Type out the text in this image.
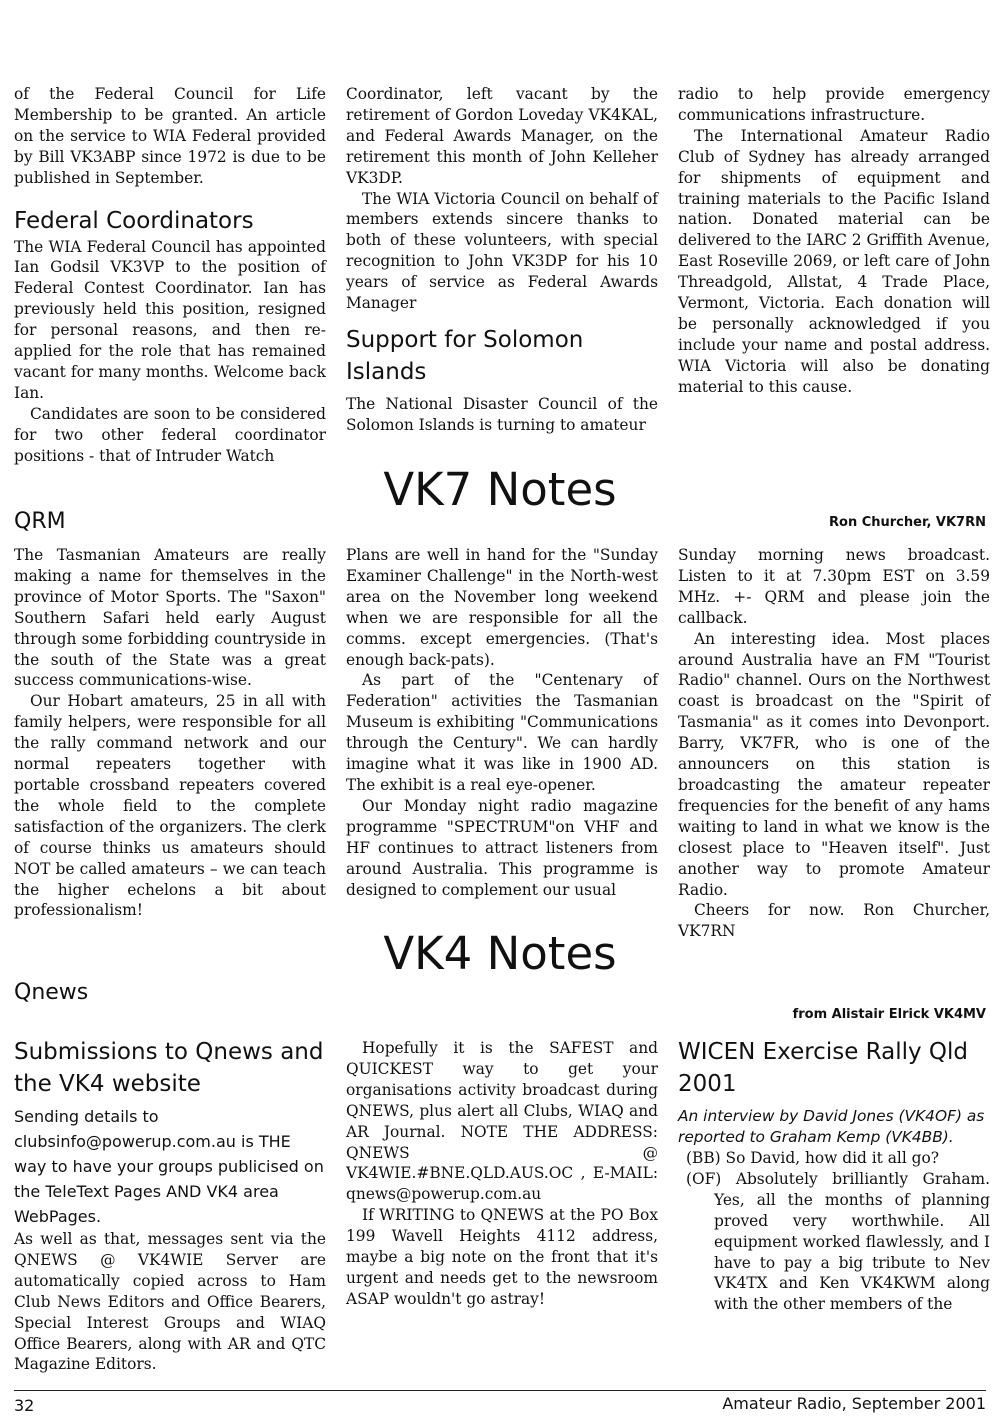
of the Federal Council for Life Membership to be granted. An article on the service to WIA Federal provided by Bill VK3ABP since 1972 is due to be published in September.

Federal Coordinators

The WIA Federal Council has appointed Ian Godsil VK3VP to the position of Federal Contest Coordinator. Ian has previously held this position, resigned for personal reasons, and then re-applied for the role that has remained vacant for many months. Welcome back Ian.

Candidates are soon to be considered for two other federal coordinator positions - that of Intruder Watch

Coordinator, left vacant by the retirement of Gordon Loveday VK4KAL, and Federal Awards Manager, on the retirement this month of John Kelleher VK3DP.

The WIA Victoria Council on behalf of members extends sincere thanks to both of these volunteers, with special recognition to John VK3DP for his 10 years of service as Federal Awards Manager

Support for Solomon Islands

The National Disaster Council of the Solomon Islands is turning to amateur

radio to help provide emergency communications infrastructure.

The International Amateur Radio Club of Sydney has already arranged for shipments of equipment and training materials to the Pacific Island nation. Donated material can be delivered to the IARC 2 Griffith Avenue, East Roseville 2069, or left care of John Threadgold, Allstat, 4 Trade Place, Vermont, Victoria. Each donation will be personally acknowledged if you include your name and postal address. WIA Victoria will also be donating material to this cause.

VK7 Notes
QRM	Ron Churcher, VK7RN

The Tasmanian Amateurs are really making a name for themselves in the province of Motor Sports. The "Saxon" Southern Safari held early August through some forbidding countryside in the south of the State was a great success communications-wise.

Our Hobart amateurs, 25 in all with family helpers, were responsible for all the rally command network and our normal repeaters together with portable crossband repeaters covered the whole field to the complete satisfaction of the organizers. The clerk of course thinks us amateurs should NOT be called amateurs – we can teach the higher echelons a bit about professionalism!

Plans are well in hand for the "Sunday Examiner Challenge" in the North-west area on the November long weekend when we are responsible for all the comms. except emergencies. (That's enough back-pats).

As part of the "Centenary of Federation" activities the Tasmanian Museum is exhibiting "Communications through the Century". We can hardly imagine what it was like in 1900 AD. The exhibit is a real eye-opener.

Our Monday night radio magazine programme "SPECTRUM"on VHF and HF continues to attract listeners from around Australia. This programme is designed to complement our usual

Sunday morning news broadcast. Listen to it at 7.30pm EST on 3.59 MHz. +- QRM and please join the callback.

An interesting idea. Most places around Australia have an FM "Tourist Radio" channel. Ours on the Northwest coast is broadcast on the "Spirit of Tasmania" as it comes into Devonport. Barry, VK7FR, who is one of the announcers on this station is broadcasting the amateur repeater frequencies for the benefit of any hams waiting to land in what we know is the closest place to "Heaven itself". Just another way to promote Amateur Radio.

Cheers for now. Ron Churcher, VK7RN

VK4 Notes
Qnews
from Alistair Elrick VK4MV
Submissions to Qnews and the VK4 website

Sending details to clubsinfo@powerup.com.au is THE way to have your groups publicised on the TeleText Pages AND VK4 area WebPages.

As well as that, messages sent via the QNEWS @ VK4WIE Server are automatically copied across to Ham Club News Editors and Office Bearers, Special Interest Groups and WIAQ Office Bearers, along with AR and QTC Magazine Editors.

Hopefully it is the SAFEST and QUICKEST way to get your organisations activity broadcast during QNEWS, plus alert all Clubs, WIAQ and AR Journal. NOTE THE ADDRESS: QNEWS @ VK4WIE.#BNE.QLD.AUS.OC , E-MAIL: qnews@powerup.com.au

If WRITING to QNEWS at the PO Box 199 Wavell Heights 4112 address, maybe a big note on the front that it's urgent and needs get to the newsroom ASAP wouldn't go astray!

WICEN Exercise Rally Qld 2001

An interview by David Jones (VK4OF) as reported to Graham Kemp (VK4BB).

(BB) So David, how did it all go?

(OF) Absolutely brilliantly Graham. Yes, all the months of planning proved very worthwhile. All equipment worked flawlessly, and I have to pay a big tribute to Nev VK4TX and Ken VK4KWM along with the other members of the

32	Amateur Radio, September 2001
